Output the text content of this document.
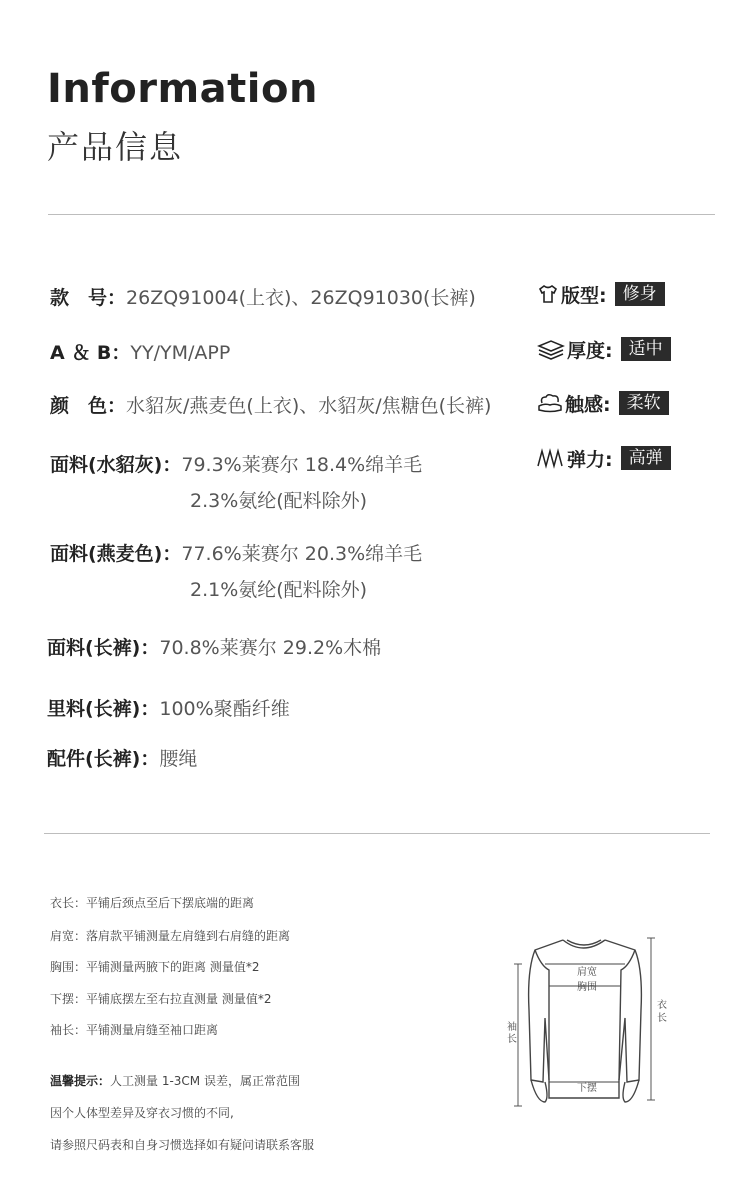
Information
产品信息
款　号：26ZQ91004(上衣)、26ZQ91030(长裤)
A ＆ B：YY/YM/APP
颜　色：水貂灰/燕麦色(上衣)、水貂灰/焦糖色(长裤)
面料(水貂灰)：79.3%莱赛尔 18.4%绵羊毛
2.3%氨纶(配料除外)
面料(燕麦色)：77.6%莱赛尔 20.3%绵羊毛
2.1%氨纶(配料除外)
面料(长裤)：70.8%莱赛尔 29.2%木棉
里料(长裤)：100%聚酯纤维
配件(长裤)：腰绳
版型: 修身
厚度: 适中
触感: 柔软
弹力: 高弹
衣长：平铺后颈点至后下摆底端的距离
肩宽：落肩款平铺测量左肩缝到右肩缝的距离
胸围：平铺测量两腋下的距离 测量值*2
下摆：平铺底摆左至右拉直测量 测量值*2
袖长：平铺测量肩缝至袖口距离
温馨提示：人工测量 1-3CM 误差，属正常范围
因个人体型差异及穿衣习惯的不同,
请参照尺码表和自身习惯选择如有疑问请联系客服
肩宽
胸围
衣
长
袖
长
下摆
